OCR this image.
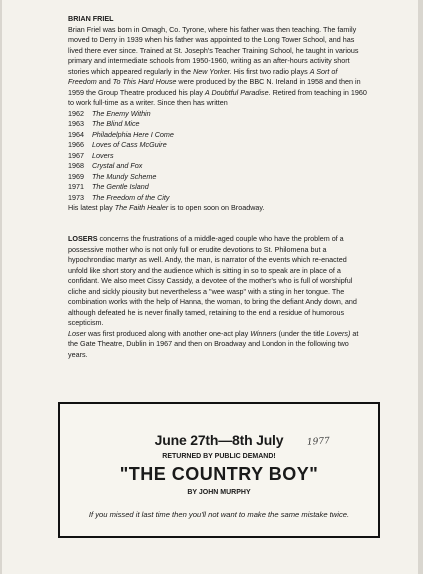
BRIAN FRIEL

Brian Friel was born in Omagh, Co. Tyrone, where his father was then teaching. The family moved to Derry in 1939 when his father was appointed to the Long Tower School, and has lived there ever since. Trained at St. Joseph's Teacher Training School, he taught in various primary and intermediate schools from 1950-1960, writing as an after-hours activity short stories which appeared regularly in the New Yorker. His first two radio plays A Sort of Freedom and To This Hard House were produced by the BBC N. Ireland in 1958 and then in 1959 the Group Theatre produced his play A Doubtful Paradise. Retired from teaching in 1960 to work full-time as a writer. Since then has written

1962	The Enemy Within
1963	The Blind Mice
1964	Philadelphia Here I Come
1966	Loves of Cass McGuire
1967	Lovers
1968	Crystal and Fox
1969	The Mundy Scheme
1971	The Gentle Island
1973	The Freedom of the City

His latest play The Faith Healer is to open soon on Broadway.

LOSERS concerns the frustrations of a middle-aged couple who have the problem of a possessive mother who is not only full or erudite devotions to St. Philomena but a hypochrondiac martyr as well. Andy, the man, is narrator of the events which re-enacted unfold like short story and the audience which is sitting in so to speak are in place of a confidant. We also meet Cissy Cassidy, a devotee of the mother's who is full of worshipful cliche and sickly piousity but nevertheless a "wee wasp" with a sting in her tongue. The combination works with the help of Hanna, the woman, to bring the defiant Andy down, and although defeated he is never finally tamed, retaining to the end a residue of humorous scepticism.

Loser was first produced along with another one-act play Winners (under the title Lovers) at the Gate Theatre, Dublin in 1967 and then on Broadway and London in the following two years.

June 27th—8th July	1977
RETURNED BY PUBLIC DEMAND!
"THE COUNTRY BOY"
BY JOHN MURPHY
If you missed it last time then you'll not want to make the same mistake twice.
